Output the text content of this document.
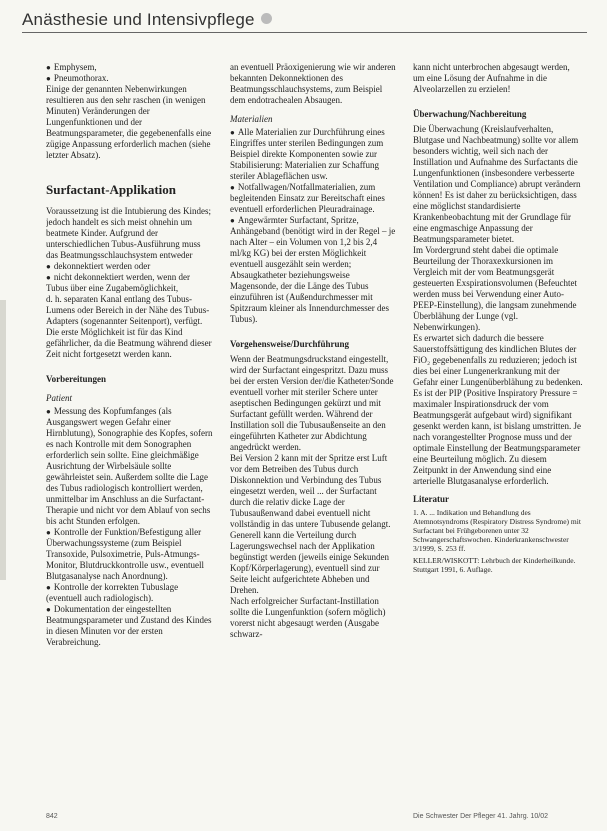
Anästhesie und Intensivpflege

● Emphysem,

● Pneumothorax.

Einige der genannten Nebenwirkungen resultieren aus den sehr raschen (in wenigen Minuten) Veränderungen der Lungenfunktionen und der Beatmungsparameter, die gegebenenfalls eine zügige Anpassung erforderlich machen (siehe letzter Absatz).

Surfactant-Applikation

Voraussetzung ist die Intubierung des Kindes; jedoch handelt es sich meist ohnehin um beatmete Kinder. Aufgrund der unterschiedlichen Tubus-Ausführung muss das Beatmungsschlauchsystem entweder

● dekonnektiert werden oder

● nicht dekonnektiert werden, wenn der Tubus über eine Zugabemöglichkeit,

d. h. separaten Kanal entlang des Tubus-Lumens oder Bereich in der Nähe des Tubus-Adapters (sogenannter Seitenport), verfügt. Die erste Möglichkeit ist für das Kind gefährlicher, da die Beatmung während dieser Zeit nicht fortgesetzt werden kann.

Vorbereitungen
Patient

● Messung des Kopfumfanges (als Ausgangswert wegen Gefahr einer Hirnblutung), Sonographie des Kopfes, sofern es nach Kontrolle mit dem Sonographen erforderlich sein sollte. Eine gleichmäßige Ausrichtung der Wirbelsäule sollte gewährleistet sein. Außerdem sollte die Lage des Tubus radiologisch kontrolliert werden, unmittelbar im Anschluss an die Surfactant-Therapie und nicht vor dem Ablauf von sechs bis acht Stunden erfolgen.

● Kontrolle der Funktion/Befestigung aller Überwachungssysteme (zum Beispiel Transoxide, Pulsoximetrie, Puls-Atmungs-Monitor, Blutdruckkontrolle usw., eventuell Blutgasanalyse nach Anordnung).

● Kontrolle der korrekten Tubuslage (eventuell auch radiologisch).

● Dokumentation der eingestellten Beatmungsparameter und Zustand des Kindes in diesen Minuten vor der ersten Verabreichung.

an eventuell Präoxigenierung wie wir anderen bekannten Dekonnektionen des Beatmungsschlauchsystems, zum Beispiel dem endotrachealen Absaugen.

Materialien

● Alle Materialien zur Durchführung eines Eingriffes unter sterilen Bedingungen zum Beispiel direkte Komponenten sowie zur Stabilisierung: Materialien zur Schaffung steriler Ablageflächen usw.

● Notfallwagen/Notfallmaterialien, zum begleitenden Einsatz zur Bereitschaft eines eventuell erforderlichen Pleuradrainage.

● Angewärmter Surfactant, Spritze, Anhängeband (benötigt wird in der Regel – je nach Alter – ein Volumen von 1,2 bis 2,4 ml/kg KG) bei der ersten Möglichkeit eventuell ausgezählt sein werden; Absaugkatheter beziehungsweise Magensonde, der die Länge des Tubus einzuführen ist (Außendurchmesser mit Spitzraum kleiner als Innendurchmesser des Tubus).

Vorgehensweise/Durchführung

Wenn der Beatmungsdruckstand eingestellt, wird der Surfactant eingespritzt. Dazu muss bei der ersten Version der/die Katheter/Sonde eventuell vorher mit steriler Schere unter aseptischen Bedingungen gekürzt und mit Surfactant gefüllt werden. Während der Instillation soll die Tubusaußenseite an den eingeführten Katheter zur Abdichtung angedrückt werden.

Bei Version 2 kann mit der Spritze erst Luft vor dem Betreiben des Tubus durch Diskonnektion und Verbindung des Tubus eingesetzt werden, weil ... der Surfactant durch die relativ dicke Lage der Tubusaußenwand dabei eventuell nicht vollständig in das untere Tubusende gelangt. Generell kann die Verteilung durch Lagerungswechsel nach der Applikation begünstigt werden (jeweils einige Sekunden Kopf/Körperlagerung), eventuell sind zur Seite leicht aufgerichtete Abheben und Drehen.

Nach erfolgreicher Surfactant-Instillation sollte die Lungenfunktion (sofern möglich) vorerst nicht abgesaugt werden (Ausgabe schwarz-

kann nicht unterbrochen abgesaugt werden, um eine Lösung der Aufnahme in die Alveolarzellen zu erzielen!

Überwachung/Nachbereitung

Die Überwachung (Kreislaufverhalten, Blutgase und Nachbeatmung) sollte vor allem besonders wichtig, weil sich nach der Instillation und Aufnahme des Surfactants die Lungenfunktionen (insbesondere verbesserte Ventilation und Compliance) abrupt verändern können! Es ist daher zu berücksichtigen, dass eine möglichst standardisierte Krankenbeobachtung mit der Grundlage für eine engmaschige Anpassung der Beatmungsparameter bietet.

Im Vordergrund steht dabei die optimale Beurteilung der Thoraxexkursionen im Vergleich mit der vom Beatmungsgerät gesteuerten Exspirationsvolumen (Befeuchtet werden muss bei Verwendung einer Auto-PEEP-Einstellung), die langsam zunehmende Überblähung der Lunge (vgl. Nebenwirkungen).

Es erwartet sich dadurch die bessere Sauerstoffsättigung des kindlichen Blutes der FiO₂ gegebenenfalls zu reduzieren; jedoch ist dies bei einer Lungenerkrankung mit der Gefahr einer Lungenüberblähung zu bedenken. Es ist der PIP (Positive Inspiratory Pressure = maximaler Inspirationsdruck der vom Beatmungsgerät aufgebaut wird) signifikant gesenkt werden kann, ist bislang umstritten. Je nach vorangestellter Prognose muss und der optimale Einstellung der Beatmungsparameter eine Beurteilung möglich. Zu diesem Zeitpunkt in der Anwendung sind eine arterielle Blutgasanalyse erforderlich.

Literatur

1. A. ... Indikation und Behandlung des Atemnotsyndroms (Respiratory Distress Syndrome) mit Surfactant bei Frühgeborenen unter 32 Schwangerschaftswochen. Kinderkrankenschwester 3/1999, S. 253 ff.

KELLER/WISKOTT: Lehrbuch der Kinderheilkunde. Stuttgart 1991, 6. Auflage.

842	Die Schwester Der Pfleger 41. Jahrg. 10/02
